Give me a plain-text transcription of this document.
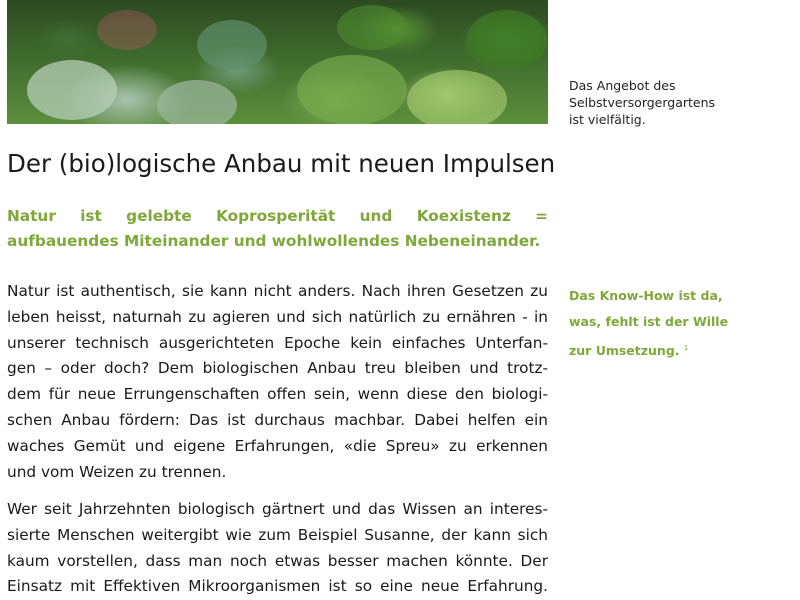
Das Angebot des
Selbstversorgergartens
ist vielfältig.
Der (bio)logische Anbau mit neuen Impulsen

Natur ist gelebte Koprosperität und Koexistenz = aufbauendes Miteinander und wohlwollendes Nebeneinander.

Das Know-How ist da,
was, fehlt ist der Wille
zur Umsetzung. $^1$
Natur ist authentisch, sie kann nicht anders. Nach ihren Gesetzen zu
leben heisst, naturnah zu agieren und sich natürlich zu ernähren - in
unserer technisch ausgerichteten Epoche kein einfaches Unterfan-
gen – oder doch? Dem biologischen Anbau treu bleiben und trotz-
dem für neue Errungenschaften offen sein, wenn diese den biologi-
schen Anbau fördern: Das ist durchaus machbar. Dabei helfen ein
waches Gemüt und eigene Erfahrungen, «die Spreu» zu erkennen
und vom Weizen zu trennen.
Wer seit Jahrzehnten biologisch gärtnert und das Wissen an interes-
sierte Menschen weitergibt wie zum Beispiel Susanne, der kann sich
kaum vorstellen, dass man noch etwas besser machen könnte. Der
Einsatz mit Effektiven Mikroorganismen ist so eine neue Erfahrung.
